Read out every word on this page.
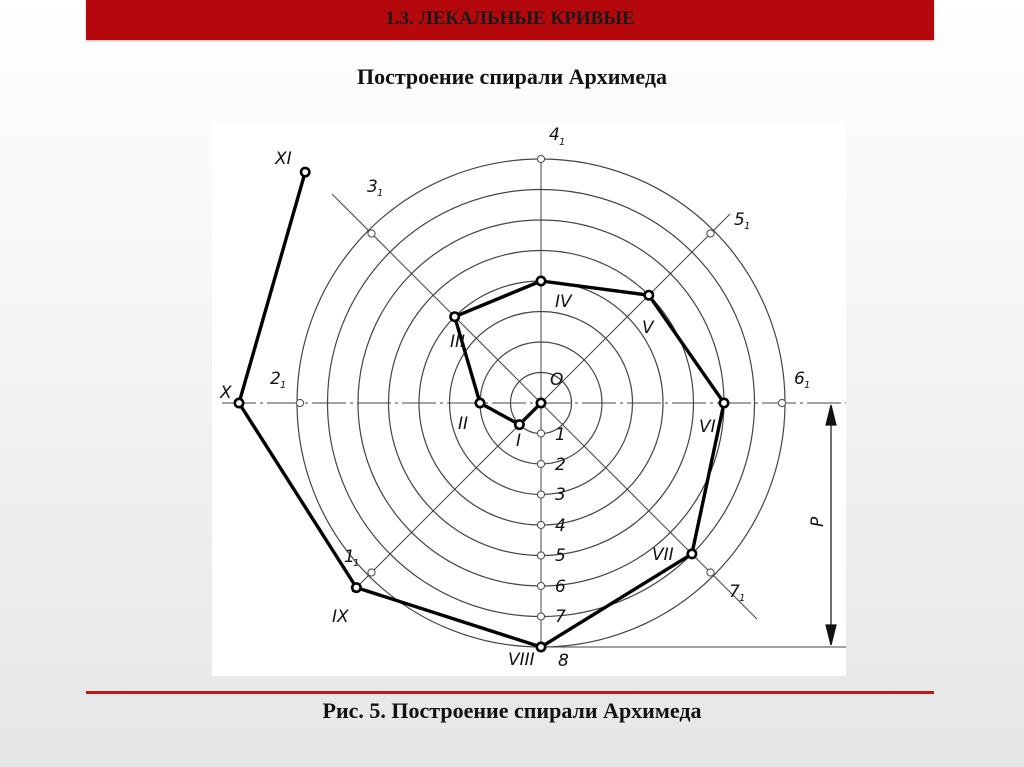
1.3. ЛЕКАЛЬНЫЕ КРИВЫЕ
Построение спирали Архимеда
O
I
II
III
IV
V
VI
VII
VIII
IX
X
XI
1
2
3
4
5
6
7
8
1
1
2 1
3 1
4 1
5 1
6 1
7 1
P
Рис. 5. Построение спирали Архимеда
